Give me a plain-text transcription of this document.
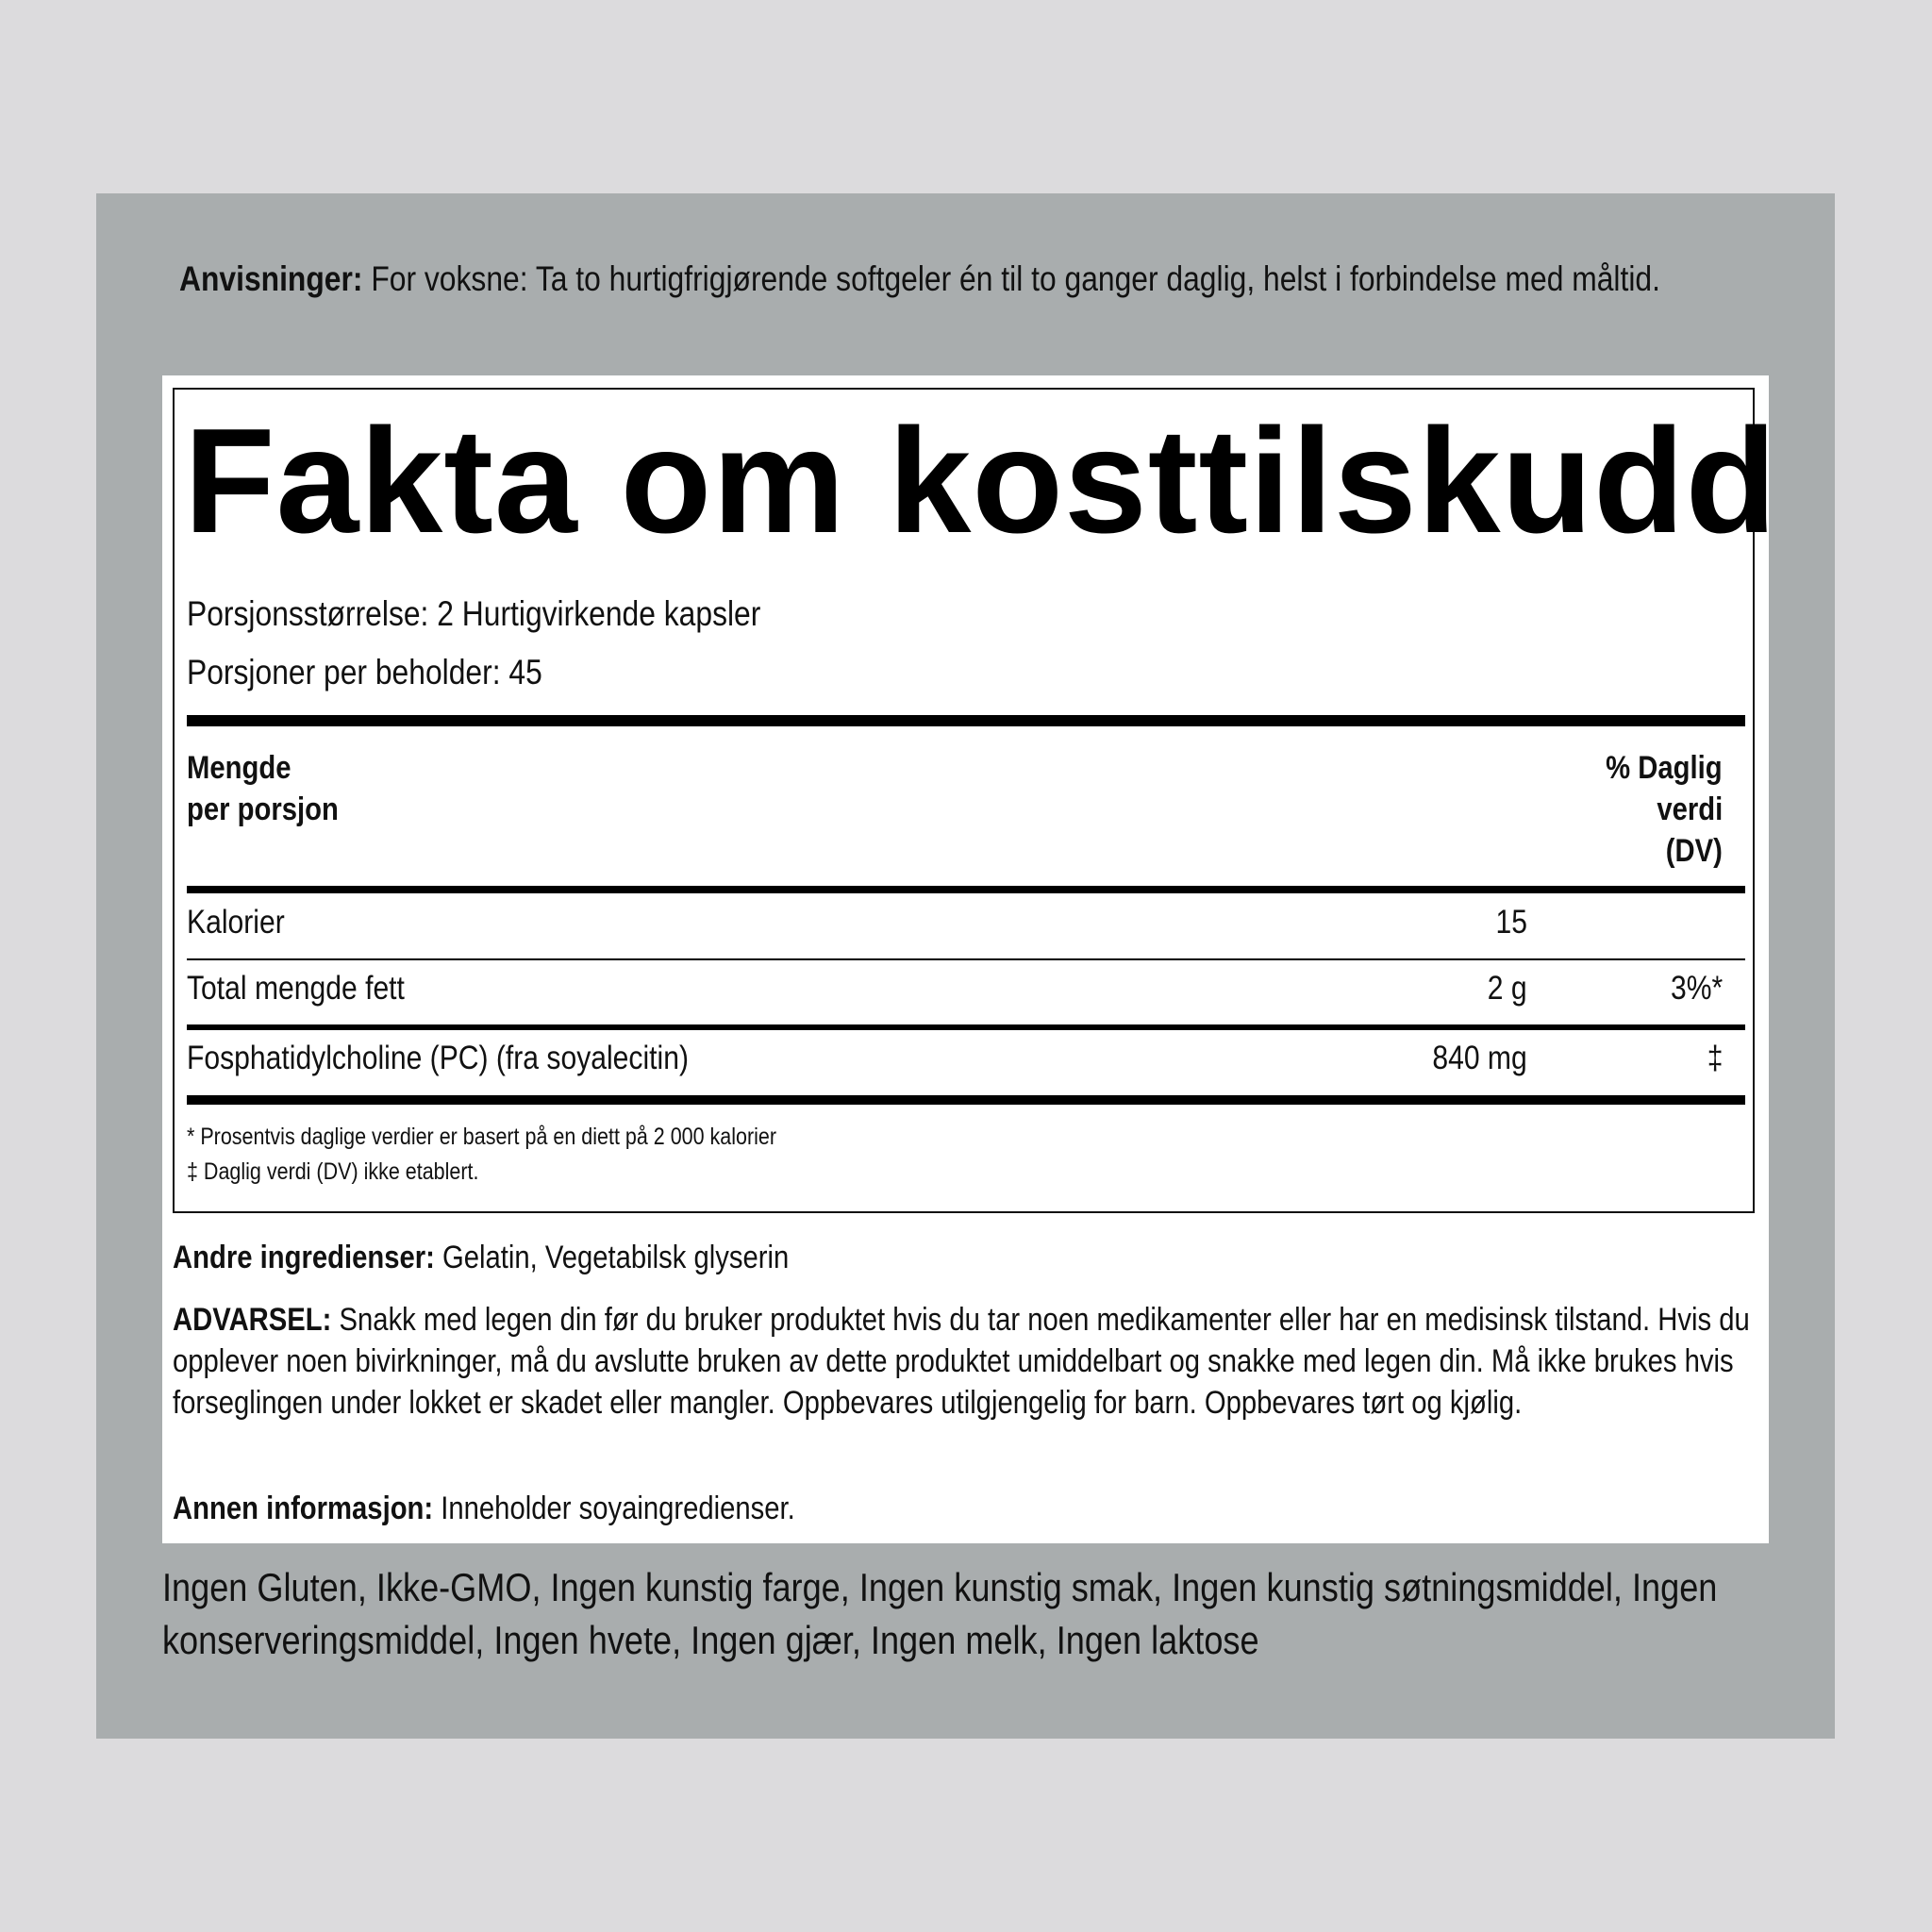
Anvisninger: For voksne: Ta to hurtigfrigjørende softgeler én til to ganger daglig, helst i forbindelse med måltid.
Fakta om kosttilskudd
Porsjonsstørrelse: 2 Hurtigvirkende kapsler
Porsjoner per beholder: 45
Mengde
per porsjon
% Daglig
verdi
(DV)
Kalorier	15
Total mengde fett	2 g	3%*
Fosphatidylcholine (PC) (fra soyalecitin)	840 mg	‡
* Prosentvis daglige verdier er basert på en diett på 2 000 kalorier
‡ Daglig verdi (DV) ikke etablert.
Andre ingredienser: Gelatin, Vegetabilsk glyserin
ADVARSEL: Snakk med legen din før du bruker produktet hvis du tar noen medikamenter eller har en medisinsk tilstand. Hvis du opplever noen bivirkninger, må du avslutte bruken av dette produktet umiddelbart og snakke med legen din. Må ikke brukes hvis forseglingen under lokket er skadet eller mangler. Oppbevares utilgjengelig for barn. Oppbevares tørt og kjølig.
Annen informasjon: Inneholder soyaingredienser.
Ingen Gluten, Ikke-GMO, Ingen kunstig farge, Ingen kunstig smak, Ingen kunstig søtningsmiddel, Ingen konserveringsmiddel, Ingen hvete, Ingen gjær, Ingen melk, Ingen laktose
